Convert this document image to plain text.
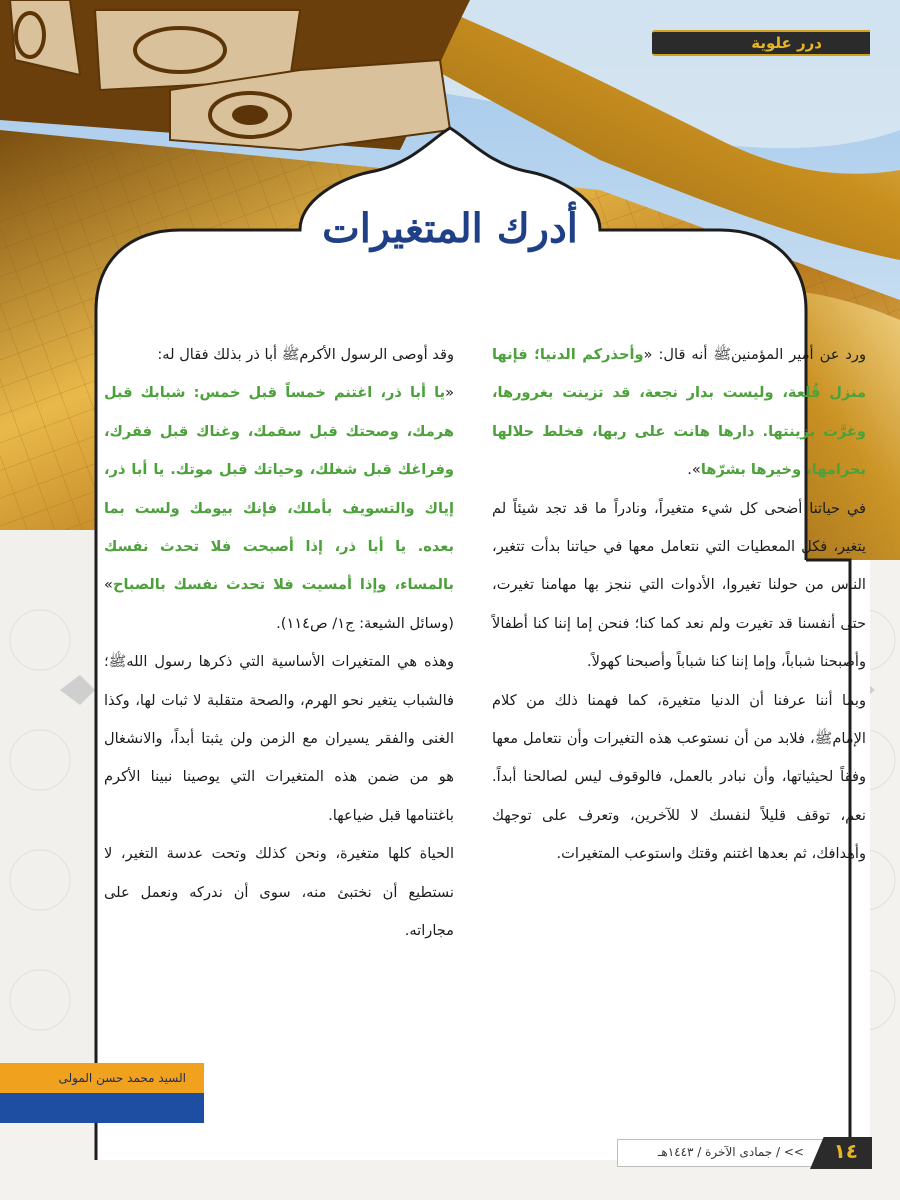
درر علوية
أدرك المتغيرات

ورد عن أمير المؤمنينﷺ أنه قال: «وأحذركم الدنيا؛ فإنها منزل قُلعة، وليست بدار نجعة، قد تزينت بغرورها، وغرَّت بزينتها. دارها هانت على ربها، فخلط حلالها بحرامها، وخيرها بشرّها».

في حياتنا أضحى كل شيء متغيراً، ونادراً ما قد تجد شيئاً لم يتغير، فكل المعطيات التي نتعامل معها في حياتنا بدأت تتغير، الناس من حولنا تغيروا، الأدوات التي ننجز بها مهامنا تغيرت، حتى أنفسنا قد تغيرت ولم نعد كما كنا؛ فنحن إما إننا كنا أطفالاً وأصبحنا شباباً، وإما إننا كنا شباباً وأصبحنا كهولاً.

وبما أننا عرفنا أن الدنيا متغيرة، كما فهمنا ذلك من كلام الإمامﷺ، فلابد من أن نستوعب هذه التغيرات وأن نتعامل معها وفقاً لحيثياتها، وأن نبادر بالعمل، فالوقوف ليس لصالحنا أبداً. نعم، توقف قليلاً لنفسك لا للآخرين، وتعرف على توجهك وأهدافك، ثم بعدها اغتنم وقتك واستوعب المتغيرات.

وقد أوصى الرسول الأكرمﷺ أبا ذر بذلك فقال له:

«يا أبا ذر، اغتنم خمساً قبل خمس: شبابك قبل هرمك، وصحتك قبل سقمك، وغناك قبل فقرك، وفراغك قبل شغلك، وحياتك قبل موتك. يا أبا ذر، إياك والتسويف بأملك، فإنك بيومك ولست بما بعده. يا أبا ذر، إذا أصبحت فلا تحدث نفسك بالمساء، وإذا أمسيت فلا تحدث نفسك بالصباح» (وسائل الشيعة: ج١/ ص١١٤).

وهذه هي المتغيرات الأساسية التي ذكرها رسول اللهﷺ؛ فالشباب يتغير نحو الهرم، والصحة متقلبة لا ثبات لها، وكذا الغنى والفقر يسيران مع الزمن ولن يثبتا أبداً، والانشغال هو من ضمن هذه المتغيرات التي يوصينا نبينا الأكرم باغتنامها قبل ضياعها.

الحياة كلها متغيرة، ونحن كذلك وتحت عدسة التغير، لا نستطيع أن نختبئ منه، سوى أن ندركه ونعمل على مجاراته.

السيد محمد حسن المولى
١٤
>> / جمادى الآخرة / ١٤٤٣هـ
